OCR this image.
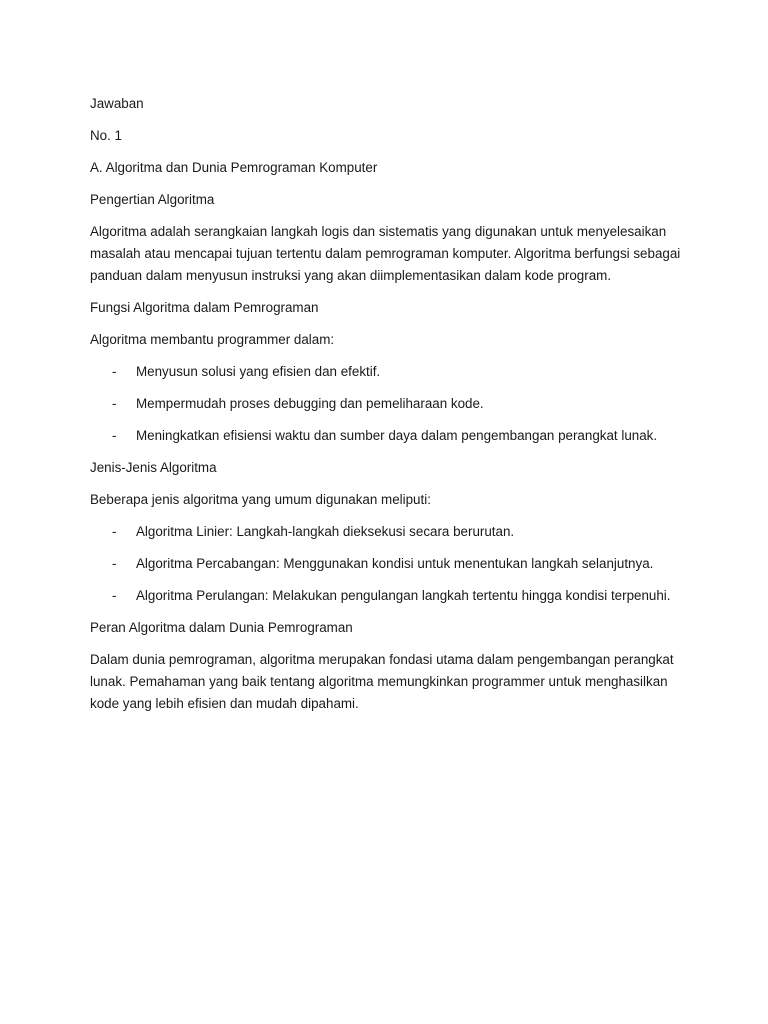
Jawaban

No. 1

A. Algoritma dan Dunia Pemrograman Komputer

Pengertian Algoritma

Algoritma adalah serangkaian langkah logis dan sistematis yang digunakan untuk menyelesaikan masalah atau mencapai tujuan tertentu dalam pemrograman komputer. Algoritma berfungsi sebagai panduan dalam menyusun instruksi yang akan diimplementasikan dalam kode program.

Fungsi Algoritma dalam Pemrograman

Algoritma membantu programmer dalam:

- Menyusun solusi yang efisien dan efektif.
- Mempermudah proses debugging dan pemeliharaan kode.
- Meningkatkan efisiensi waktu dan sumber daya dalam pengembangan perangkat lunak.

Jenis-Jenis Algoritma

Beberapa jenis algoritma yang umum digunakan meliputi:

- Algoritma Linier: Langkah-langkah dieksekusi secara berurutan.
- Algoritma Percabangan: Menggunakan kondisi untuk menentukan langkah selanjutnya.
- Algoritma Perulangan: Melakukan pengulangan langkah tertentu hingga kondisi terpenuhi.

Peran Algoritma dalam Dunia Pemrograman

Dalam dunia pemrograman, algoritma merupakan fondasi utama dalam pengembangan perangkat lunak. Pemahaman yang baik tentang algoritma memungkinkan programmer untuk menghasilkan kode yang lebih efisien dan mudah dipahami.
